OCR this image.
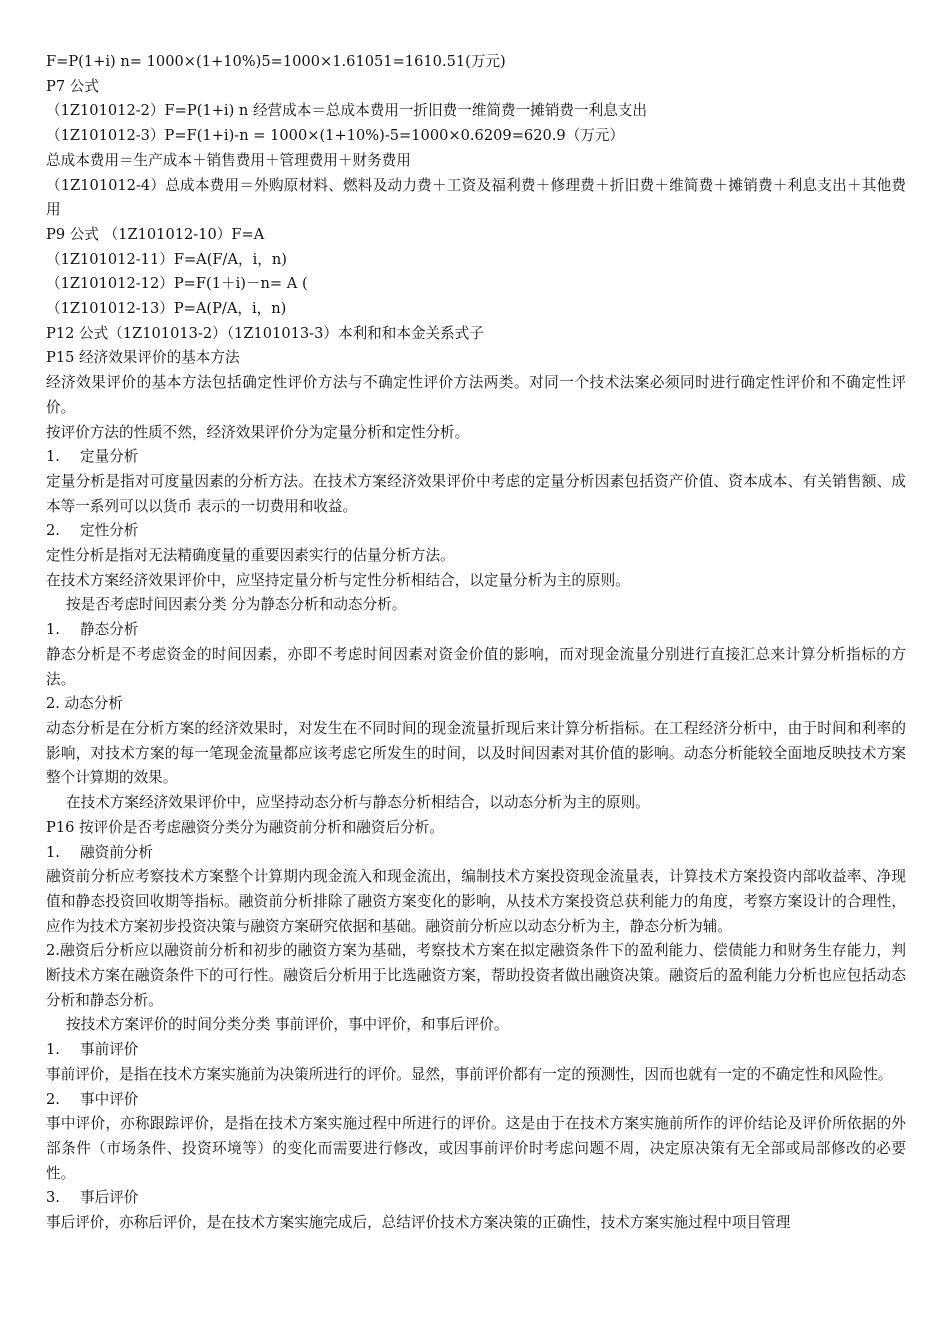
F=P(1+i) n= 1000×(1+10%)5=1000×1.61051=1610.51(万元)

P7 公式

（1Z101012-2）F=P(1+i) n 经营成本＝总成本费用一折旧费一维简费一摊销费一利息支出

（1Z101012-3）P=F(1+i)-n = 1000×(1+10%)-5=1000×0.6209=620.9（万元）

总成本费用＝生产成本＋销售费用＋管理费用＋财务费用

（1Z101012-4）总成本费用＝外购原材料、燃料及动力费＋工资及福利费＋修理费＋折旧费＋维简费＋摊销费＋利息支出＋其他费用

P9 公式 （1Z101012-10）F=A

（1Z101012-11）F=A(F/A，i，n)

（1Z101012-12）P=F(1＋i)－n= A (

（1Z101012-13）P=A(P/A，i，n)

P12 公式（1Z101013-2）（1Z101013-3）本利和和本金关系式子

P15 经济效果评价的基本方法

经济效果评价的基本方法包括确定性评价方法与不确定性评价方法两类。对同一个技术法案必须同时进行确定性评价和不确定性评价。

按评价方法的性质不然，经济效果评价分为定量分析和定性分析。

1. 定量分析

定量分析是指对可度量因素的分析方法。在技术方案经济效果评价中考虑的定量分析因素包括资产价值、资本成本、有关销售额、成本等一系列可以以货币 表示的一切费用和收益。

2. 定性分析

定性分析是指对无法精确度量的重要因素实行的估量分析方法。

在技术方案经济效果评价中，应坚持定量分析与定性分析相结合，以定量分析为主的原则。

按是否考虑时间因素分类 分为静态分析和动态分析。

1. 静态分析

静态分析是不考虑资金的时间因素，亦即不考虑时间因素对资金价值的影响，而对现金流量分别进行直接汇总来计算分析指标的方法。

2. 动态分析

动态分析是在分析方案的经济效果时，对发生在不同时间的现金流量折现后来计算分析指标。在工程经济分析中，由于时间和利率的影响，对技术方案的每一笔现金流量都应该考虑它所发生的时间，以及时间因素对其价值的影响。动态分析能较全面地反映技术方案整个计算期的效果。

在技术方案经济效果评价中，应坚持动态分析与静态分析相结合，以动态分析为主的原则。

P16 按评价是否考虑融资分类分为融资前分析和融资后分析。

1. 融资前分析

融资前分析应考察技术方案整个计算期内现金流入和现金流出，编制技术方案投资现金流量表，计算技术方案投资内部收益率、净现值和静态投资回收期等指标。融资前分析排除了融资方案变化的影响，从技术方案投资总获利能力的角度，考察方案设计的合理性，应作为技术方案初步投资决策与融资方案研究依据和基础。融资前分析应以动态分析为主，静态分析为辅。

2.融资后分析应以融资前分析和初步的融资方案为基础，考察技术方案在拟定融资条件下的盈利能力、偿债能力和财务生存能力，判断技术方案在融资条件下的可行性。融资后分析用于比选融资方案，帮助投资者做出融资决策。融资后的盈利能力分析也应包括动态分析和静态分析。

按技术方案评价的时间分类分类 事前评价，事中评价，和事后评价。

1. 事前评价

事前评价，是指在技术方案实施前为决策所进行的评价。显然，事前评价都有一定的预测性，因而也就有一定的不确定性和风险性。

2. 事中评价

事中评价，亦称跟踪评价，是指在技术方案实施过程中所进行的评价。这是由于在技术方案实施前所作的评价结论及评价所依据的外部条件（市场条件、投资环境等）的变化而需要进行修改，或因事前评价时考虑问题不周，决定原决策有无全部或局部修改的必要性。

3. 事后评价

事后评价，亦称后评价，是在技术方案实施完成后，总结评价技术方案决策的正确性，技术方案实施过程中项目管理
